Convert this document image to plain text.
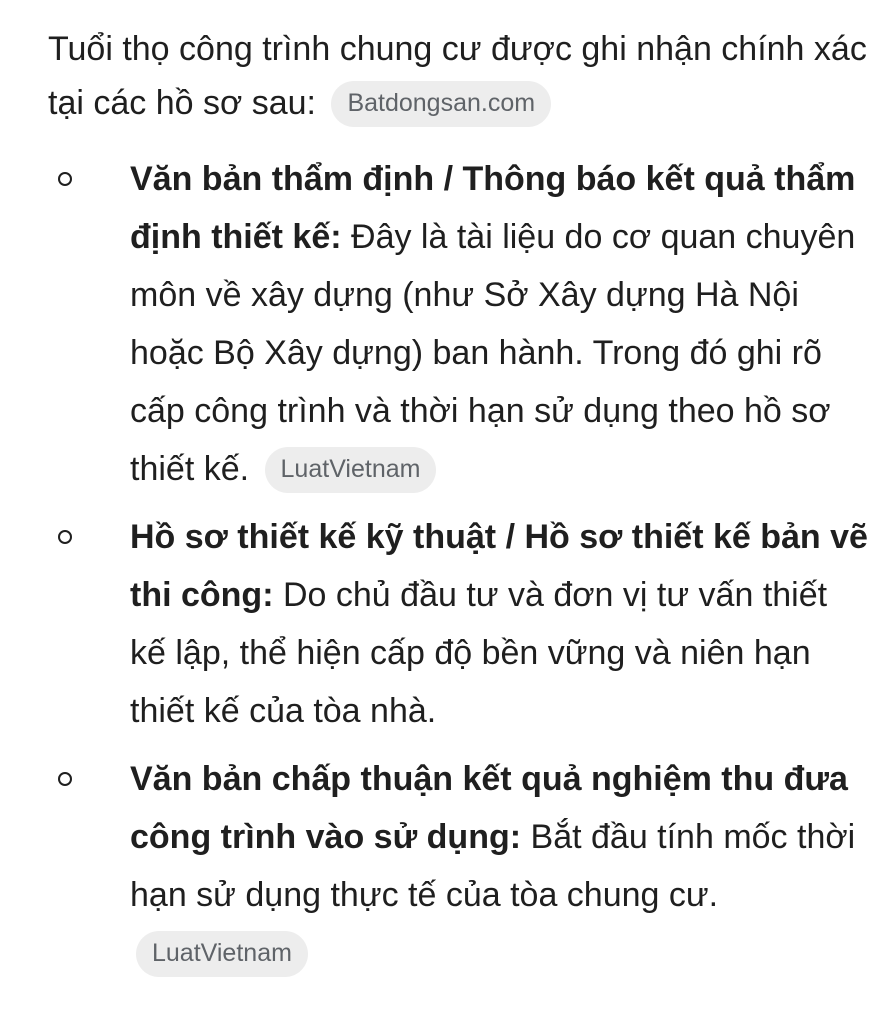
Tuổi thọ công trình chung cư được ghi nhận chính xác tại các hồ sơ sau: Batdongsan.com

Văn bản thẩm định / Thông báo kết quả thẩm định thiết kế: Đây là tài liệu do cơ quan chuyên môn về xây dựng (như Sở Xây dựng Hà Nội hoặc Bộ Xây dựng) ban hành. Trong đó ghi rõ cấp công trình và thời hạn sử dụng theo hồ sơ thiết kế. LuatVietnam
Hồ sơ thiết kế kỹ thuật / Hồ sơ thiết kế bản vẽ thi công: Do chủ đầu tư và đơn vị tư vấn thiết kế lập, thể hiện cấp độ bền vững và niên hạn thiết kế của tòa nhà.
Văn bản chấp thuận kết quả nghiệm thu đưa công trình vào sử dụng: Bắt đầu tính mốc thời hạn sử dụng thực tế của tòa chung cư. LuatVietnam
